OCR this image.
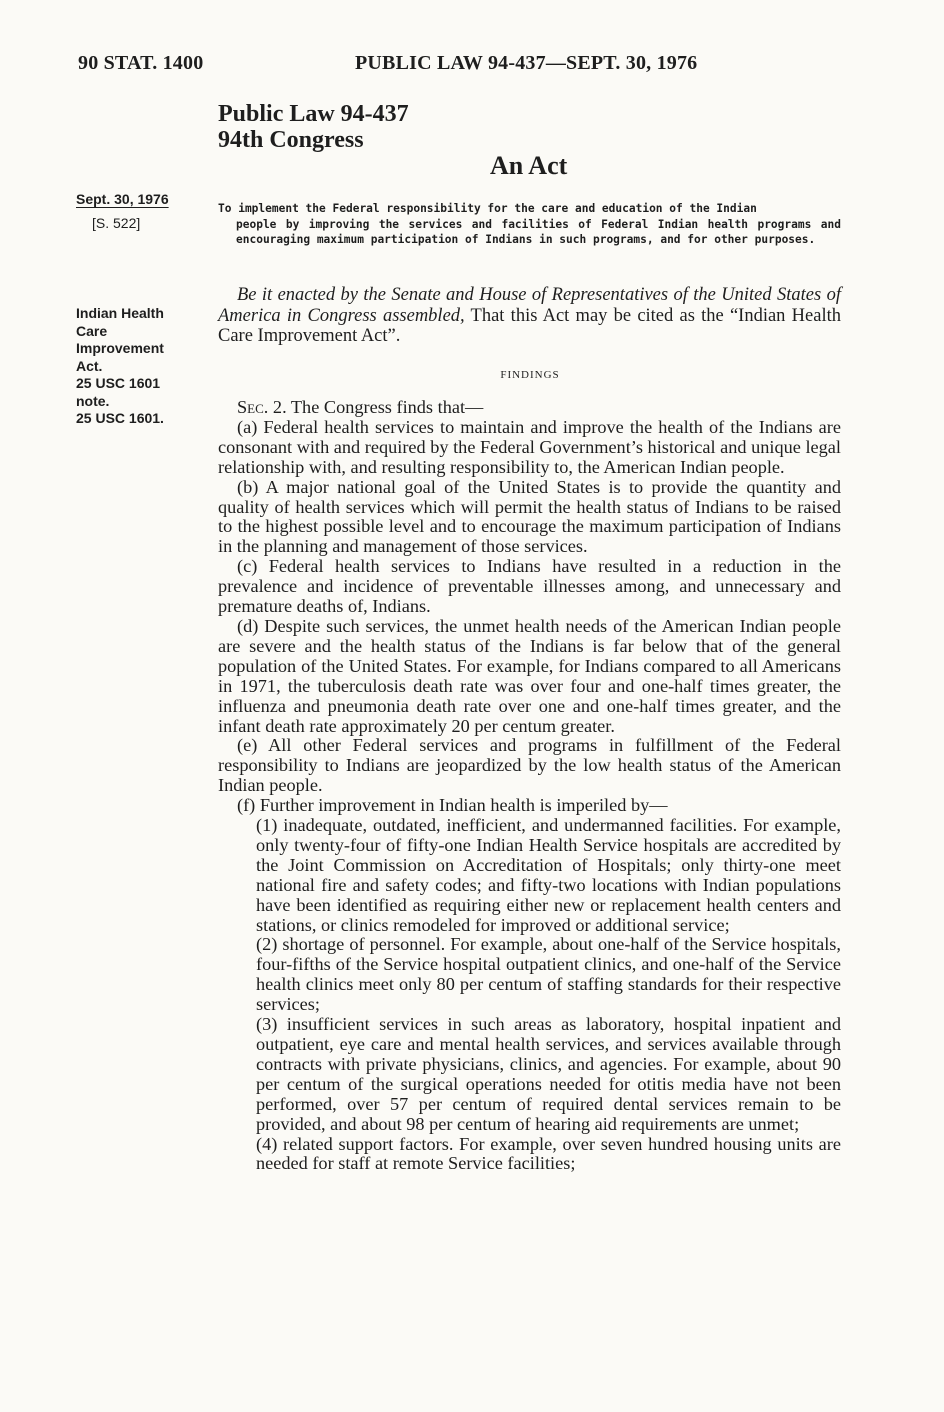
90 STAT. 1400	PUBLIC LAW 94-437—SEPT. 30, 1976
Public Law 94-437
94th Congress
An Act
Sept. 30, 1976
[S. 522]
Indian Health
Care
Improvement
Act.
25 USC 1601
note.
25 USC 1601.
To implement the Federal responsibility for the care and education of the Indian
people by improving the services and facilities of Federal Indian health programs and encouraging maximum participation of Indians in such programs, and for other purposes.
Be it enacted by the Senate and House of Representatives of the United States of America in Congress assembled, That this Act may be cited as the “Indian Health Care Improvement Act”.
FINDINGS

Sec. 2. The Congress finds that—

(a) Federal health services to maintain and improve the health of the Indians are consonant with and required by the Federal Government’s historical and unique legal relationship with, and resulting responsibility to, the American Indian people.

(b) A major national goal of the United States is to provide the quantity and quality of health services which will permit the health status of Indians to be raised to the highest possible level and to encourage the maximum participation of Indians in the planning and management of those services.

(c) Federal health services to Indians have resulted in a reduction in the prevalence and incidence of preventable illnesses among, and unnecessary and premature deaths of, Indians.

(d) Despite such services, the unmet health needs of the American Indian people are severe and the health status of the Indians is far below that of the general population of the United States. For example, for Indians compared to all Americans in 1971, the tuberculosis death rate was over four and one-half times greater, the influenza and pneumonia death rate over one and one-half times greater, and the infant death rate approximately 20 per centum greater.

(e) All other Federal services and programs in fulfillment of the Federal responsibility to Indians are jeopardized by the low health status of the American Indian people.

(f) Further improvement in Indian health is imperiled by—

(1) inadequate, outdated, inefficient, and undermanned facilities. For example, only twenty-four of fifty-one Indian Health Service hospitals are accredited by the Joint Commission on Accreditation of Hospitals; only thirty-one meet national fire and safety codes; and fifty-two locations with Indian populations have been identified as requiring either new or replacement health centers and stations, or clinics remodeled for improved or additional service;

(2) shortage of personnel. For example, about one-half of the Service hospitals, four-fifths of the Service hospital outpatient clinics, and one-half of the Service health clinics meet only 80 per centum of staffing standards for their respective services;

(3) insufficient services in such areas as laboratory, hospital inpatient and outpatient, eye care and mental health services, and services available through contracts with private physicians, clinics, and agencies. For example, about 90 per centum of the surgical operations needed for otitis media have not been performed, over 57 per centum of required dental services remain to be provided, and about 98 per centum of hearing aid requirements are unmet;

(4) related support factors. For example, over seven hundred housing units are needed for staff at remote Service facilities;
